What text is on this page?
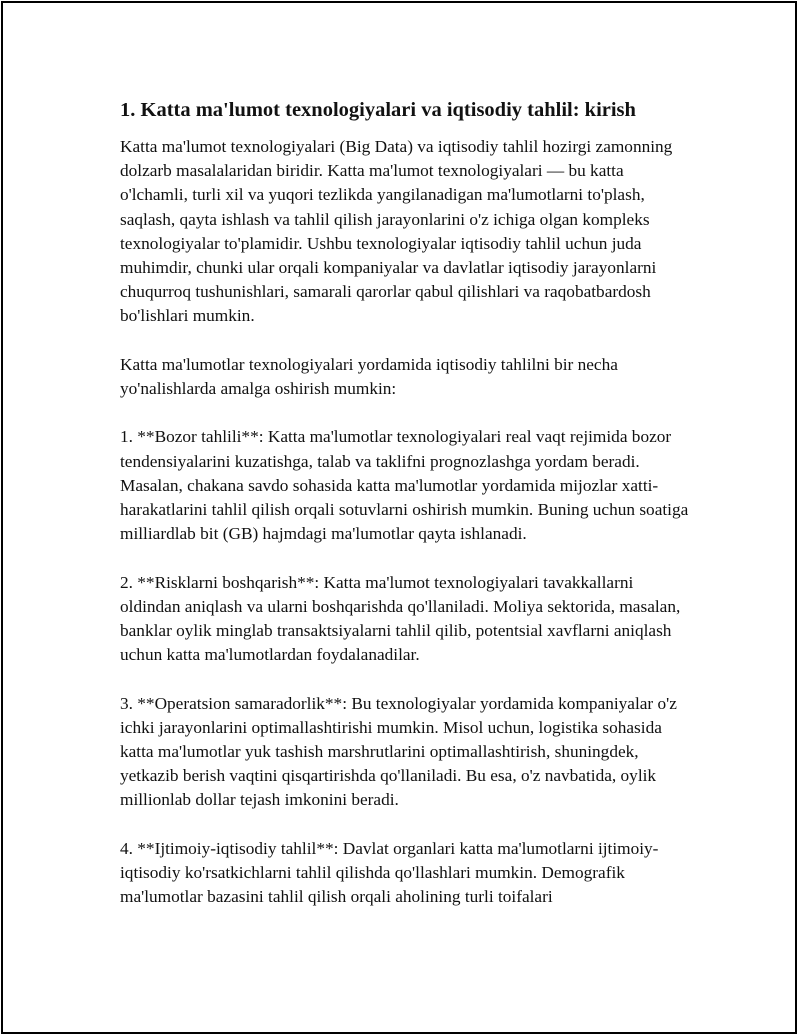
1. Katta ma'lumot texnologiyalari va iqtisodiy tahlil: kirish

Katta ma'lumot texnologiyalari (Big Data) va iqtisodiy tahlil hozirgi zamonning dolzarb masalalaridan biridir. Katta ma'lumot texnologiyalari — bu katta o'lchamli, turli xil va yuqori tezlikda yangilanadigan ma'lumotlarni to'plash, saqlash, qayta ishlash va tahlil qilish jarayonlarini o'z ichiga olgan kompleks texnologiyalar to'plamidir. Ushbu texnologiyalar iqtisodiy tahlil uchun juda muhimdir, chunki ular orqali kompaniyalar va davlatlar iqtisodiy jarayonlarni chuqurroq tushunishlari, samarali qarorlar qabul qilishlari va raqobatbardosh bo'lishlari mumkin.

Katta ma'lumotlar texnologiyalari yordamida iqtisodiy tahlilni bir necha yo'nalishlarda amalga oshirish mumkin:

1. **Bozor tahlili**: Katta ma'lumotlar texnologiyalari real vaqt rejimida bozor tendensiyalarini kuzatishga, talab va taklifni prognozlashga yordam beradi. Masalan, chakana savdo sohasida katta ma'lumotlar yordamida mijozlar xatti-harakatlarini tahlil qilish orqali sotuvlarni oshirish mumkin. Buning uchun soatiga milliardlab bit (GB) hajmdagi ma'lumotlar qayta ishlanadi.

2. **Risklarni boshqarish**: Katta ma'lumot texnologiyalari tavakkallarni oldindan aniqlash va ularni boshqarishda qo'llaniladi. Moliya sektorida, masalan, banklar oylik minglab transaktsiyalarni tahlil qilib, potentsial xavflarni aniqlash uchun katta ma'lumotlardan foydalanadilar.

3. **Operatsion samaradorlik**: Bu texnologiyalar yordamida kompaniyalar o'z ichki jarayonlarini optimallashtirishi mumkin. Misol uchun, logistika sohasida katta ma'lumotlar yuk tashish marshrutlarini optimallashtirish, shuningdek, yetkazib berish vaqtini qisqartirishda qo'llaniladi. Bu esa, o'z navbatida, oylik millionlab dollar tejash imkonini beradi.

4. **Ijtimoiy-iqtisodiy tahlil**: Davlat organlari katta ma'lumotlarni ijtimoiy-iqtisodiy ko'rsatkichlarni tahlil qilishda qo'llashlari mumkin. Demografik ma'lumotlar bazasini tahlil qilish orqali aholining turli toifalari
